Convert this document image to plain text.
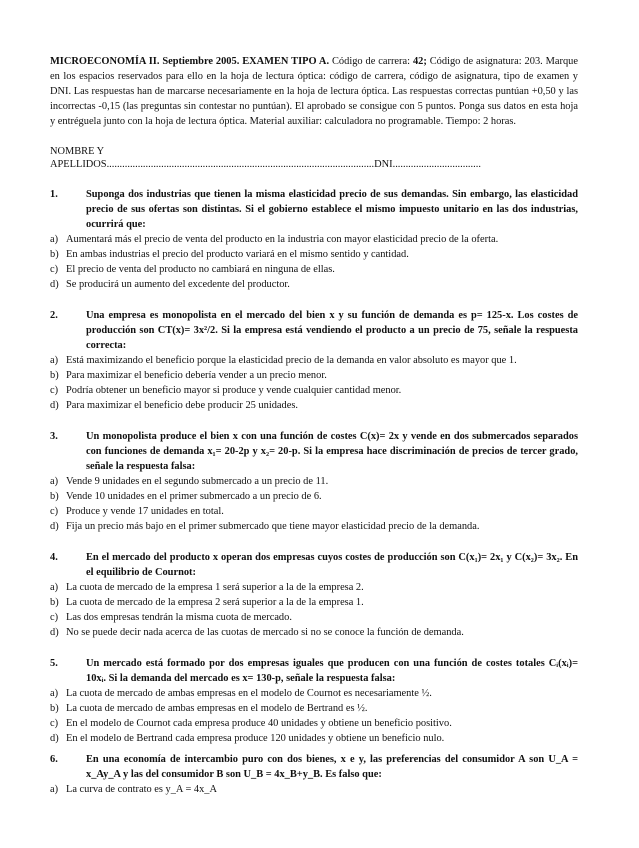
MICROECONOMÍA II. Septiembre 2005. EXAMEN TIPO A. Código de carrera: 42; Código de asignatura: 203. Marque en los espacios reservados para ello en la hoja de lectura óptica: código de carrera, código de asignatura, tipo de examen y DNI. Las respuestas han de marcarse necesariamente en la hoja de lectura óptica. Las respuestas correctas puntúan +0,50 y las incorrectas -0,15 (las preguntas sin contestar no puntúan). El aprobado se consigue con 5 puntos. Ponga sus datos en esta hoja y entréguela junto con la hoja de lectura óptica. Material auxiliar: calculadora no programable. Tiempo: 2 horas.

NOMBRE Y
APELLIDOS.......................................................................................................DNI..................................
1.	Suponga dos industrias que tienen la misma elasticidad precio de sus demandas. Sin embargo, las elasticidad precio de sus ofertas son distintas. Si el gobierno establece el mismo impuesto unitario en las dos industrias, ocurrirá que:
a) Aumentará más el precio de venta del producto en la industria con mayor elasticidad precio de la oferta.
b) En ambas industrias el precio del producto variará en el mismo sentido y cantidad.
c) El precio de venta del producto no cambiará en ninguna de ellas.
d) Se producirá un aumento del excedente del productor.
2.	Una empresa es monopolista en el mercado del bien x y su función de demanda es p= 125-x. Los costes de producción son CT(x)= 3x²/2. Si la empresa está vendiendo el producto a un precio de 75, señale la respuesta correcta:
a) Está maximizando el beneficio porque la elasticidad precio de la demanda en valor absoluto es mayor que 1.
b) Para maximizar el beneficio debería vender a un precio menor.
c) Podría obtener un beneficio mayor si produce y vende cualquier cantidad menor.
d) Para maximizar el beneficio debe producir 25 unidades.
3.	Un monopolista produce el bien x con una función de costes C(x)= 2x y vende en dos submercados separados con funciones de demanda x₁= 20-2p y x₂= 20-p. Si la empresa hace discriminación de precios de tercer grado, señale la respuesta falsa:
a) Vende 9 unidades en el segundo submercado a un precio de 11.
b) Vende 10 unidades en el primer submercado a un precio de 6.
c) Produce y vende 17 unidades en total.
d) Fija un precio más bajo en el primer submercado que tiene mayor elasticidad precio de la demanda.
4.	En el mercado del producto x operan dos empresas cuyos costes de producción son C(x₁)= 2x₁ y C(x₂)= 3x₂. En el equilibrio de Cournot:
a) La cuota de mercado de la empresa 1 será superior a la de la empresa 2.
b) La cuota de mercado de la empresa 2 será superior a la de la empresa 1.
c) Las dos empresas tendrán la misma cuota de mercado.
d) No se puede decir nada acerca de las cuotas de mercado si no se conoce la función de demanda.
5.	Un mercado está formado por dos empresas iguales que producen con una función de costes totales Cᵢ(xᵢ)= 10xᵢ. Si la demanda del mercado es x= 130-p, señale la respuesta falsa:
a) La cuota de mercado de ambas empresas en el modelo de Cournot es necesariamente ½.
b) La cuota de mercado de ambas empresas en el modelo de Bertrand es ½.
c) En el modelo de Cournot cada empresa produce 40 unidades y obtiene un beneficio positivo.
d) En el modelo de Bertrand cada empresa produce 120 unidades y obtiene un beneficio nulo.
6.	En una economía de intercambio puro con dos bienes, x e y, las preferencias del consumidor A son U_A = x_Ay_A y las del consumidor B son U_B = 4x_B+y_B. Es falso que:
a) La curva de contrato es y_A = 4x_A
